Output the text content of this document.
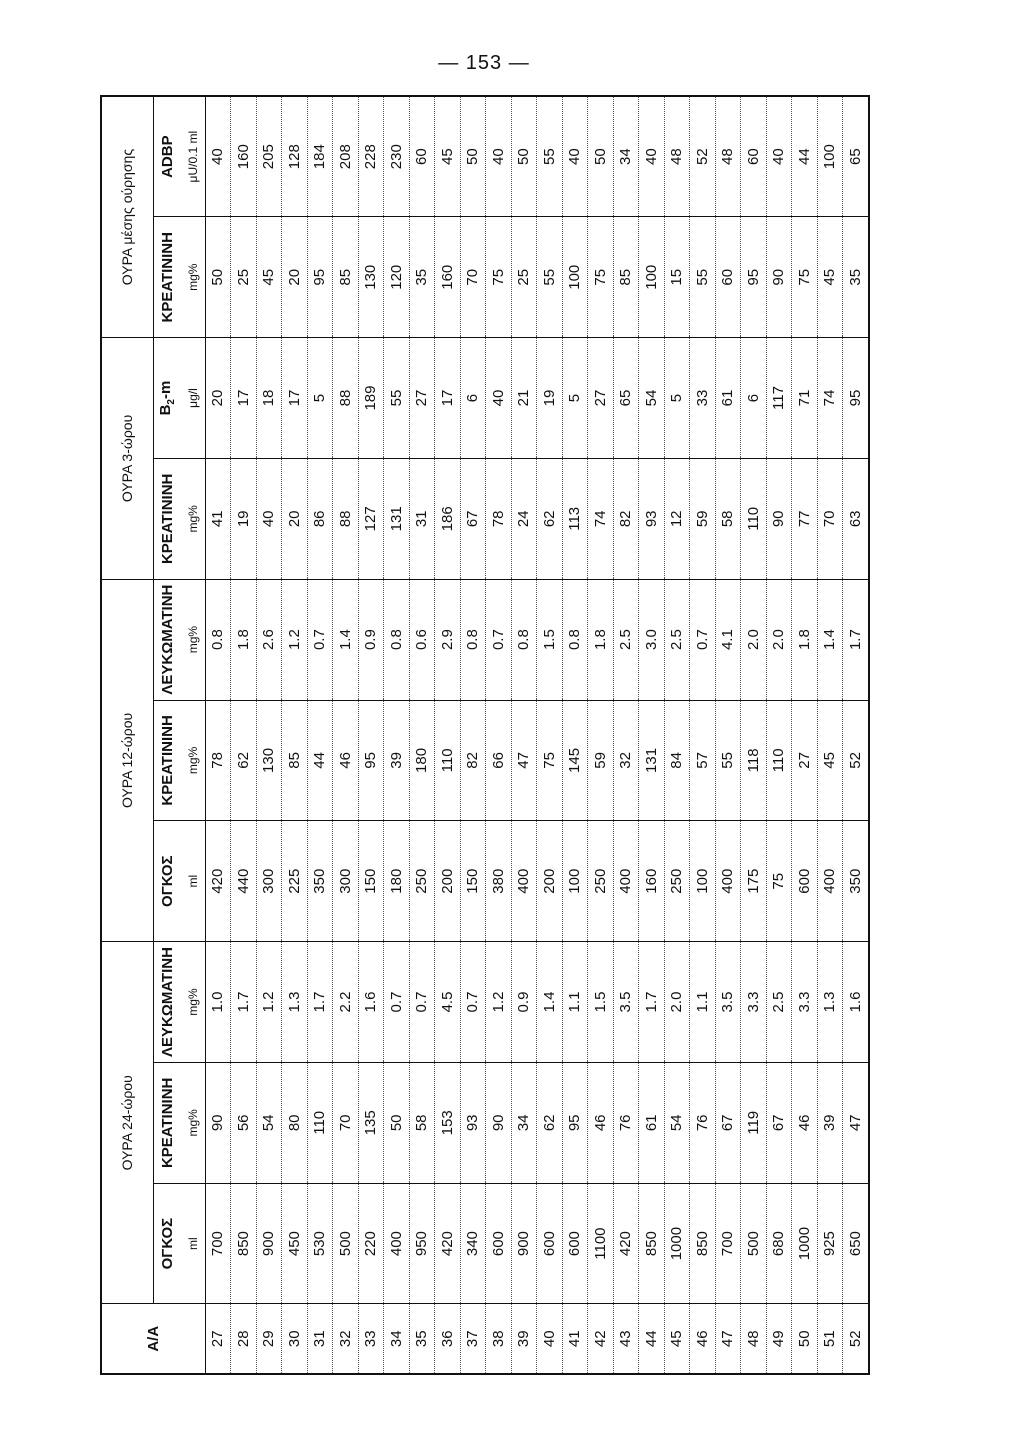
— 153 —
Α/Α	ΟΥΡΑ 24-ώρου			ΟΥΡΑ 12-ώρου			ΟΥΡΑ 3-ώρου		ΟΥΡΑ μέσης ούρησης	
	ΟΓΚΟΣ	ΚΡΕΑΤΙΝΙΝΗ	ΛΕΥΚΩΜΑΤΙΝΗ	ΟΓΚΟΣ	ΚΡΕΑΤΙΝΙΝΗ	ΛΕΥΚΩΜΑΤΙΝΗ	ΚΡΕΑΤΙΝΙΝΗ	$B_2-m$	ΚΡΕΑΤΙΝΙΝΗ	ADBP
	ml	mg%	mg%	ml	mg%	mg%	mg%	μg/l	mg%	μU/0.1 ml
27	700	90	1.0	420	78	0.8	41	20	50	40
28	850	56	1.7	440	62	1.8	19	17	25	160
29	900	54	1.2	300	130	2.6	40	18	45	205
30	450	80	1.3	225	85	1.2	20	17	20	128
31	530	110	1.7	350	44	0.7	86	5	95	184
32	500	70	2.2	300	46	1.4	88	88	85	208
33	220	135	1.6	150	95	0.9	127	189	130	228
34	400	50	0.7	180	39	0.8	131	55	120	230
35	950	58	0.7	250	180	0.6	31	27	35	60
36	420	153	4.5	200	110	2.9	186	17	160	45
37	340	93	0.7	150	82	0.8	67	6	70	50
38	600	90	1.2	380	66	0.7	78	40	75	40
39	900	34	0.9	400	47	0.8	24	21	25	50
40	600	62	1.4	200	75	1.5	62	19	55	55
41	600	95	1.1	100	145	0.8	113	5	100	40
42	1100	46	1.5	250	59	1.8	74	27	75	50
43	420	76	3.5	400	32	2.5	82	65	85	34
44	850	61	1.7	160	131	3.0	93	54	100	40
45	1000	54	2.0	250	84	2.5	12	5	15	48
46	850	76	1.1	100	57	0.7	59	33	55	52
47	700	67	3.5	400	55	4.1	58	61	60	48
48	500	119	3.3	175	118	2.0	110	6	95	60
49	680	67	2.5	75	110	2.0	90	117	90	40
50	1000	46	3.3	600	27	1.8	77	71	75	44
51	925	39	1.3	400	45	1.4	70	74	45	100
52	650	47	1.6	350	52	1.7	63	95	35	65
